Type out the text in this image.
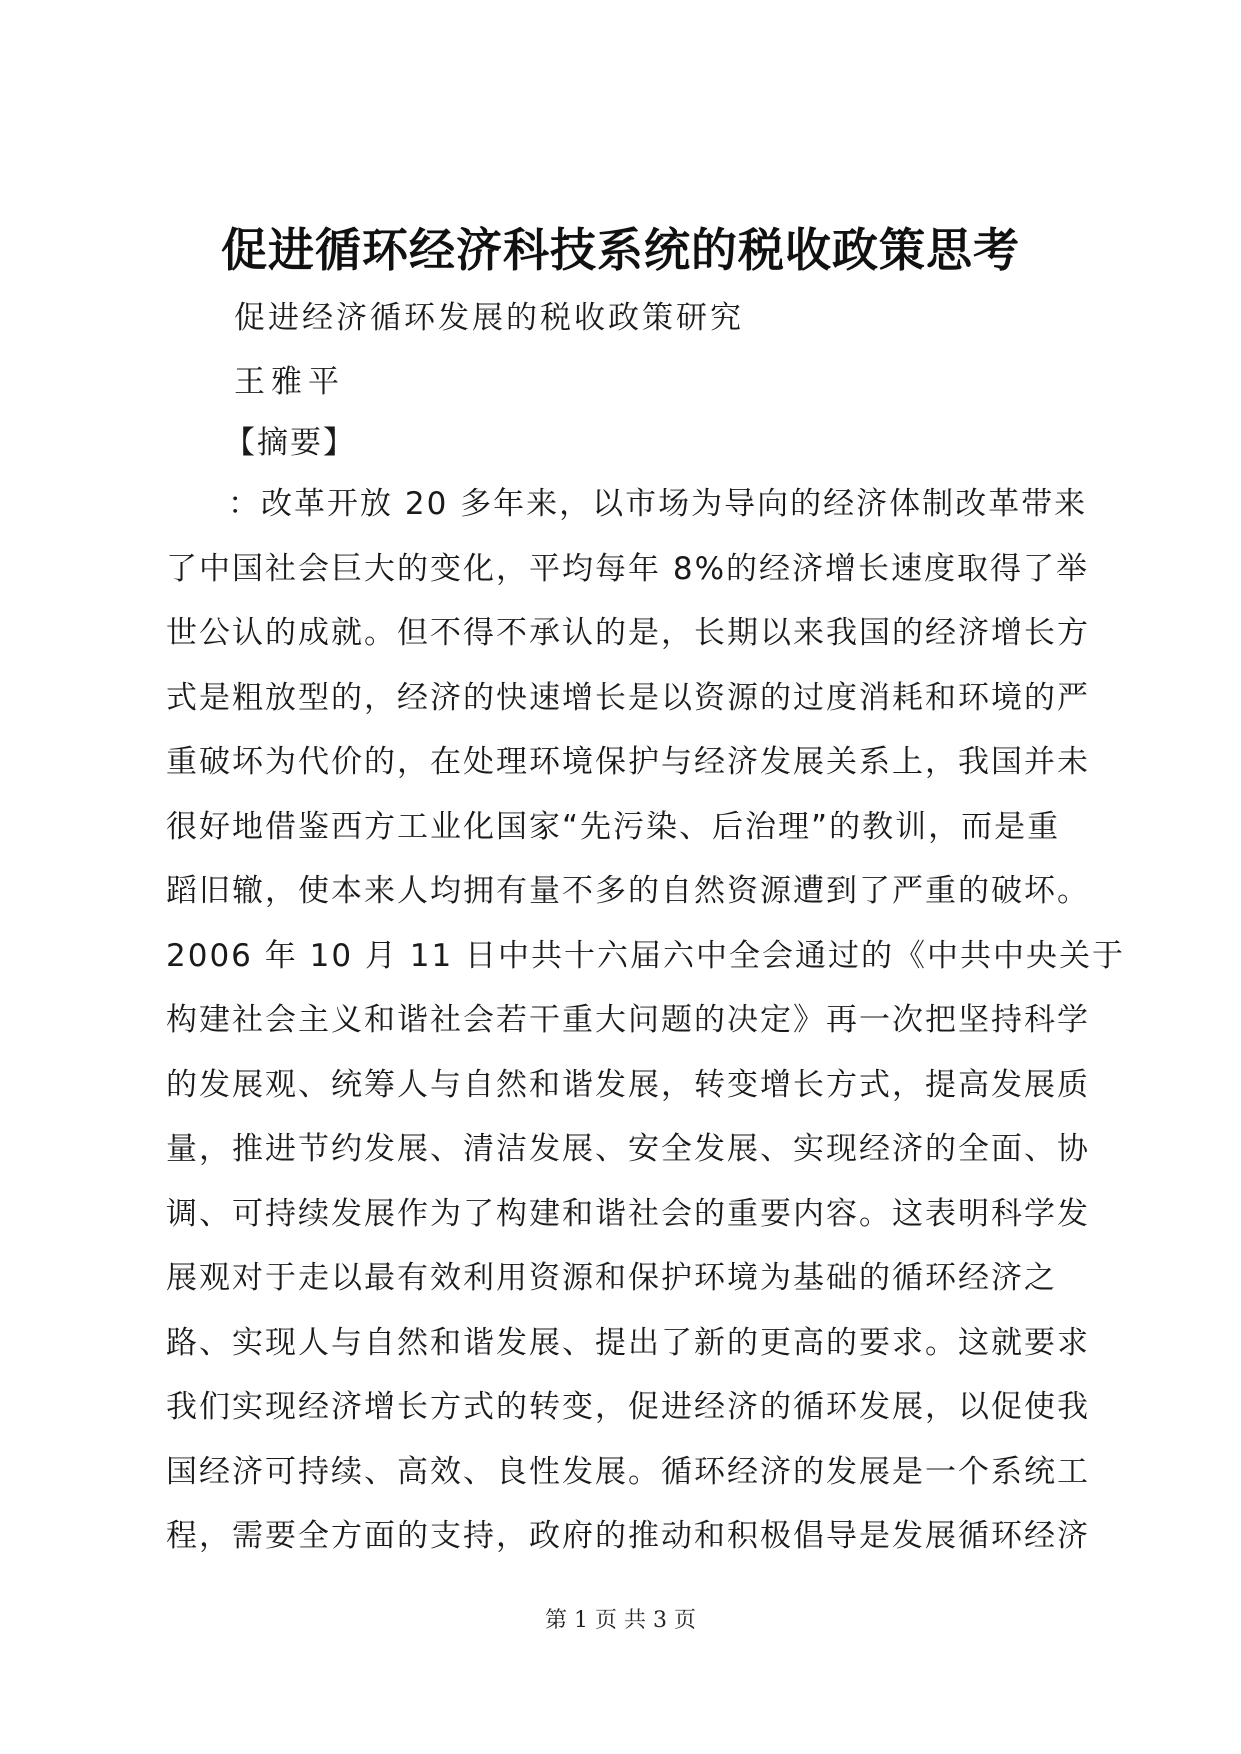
促进循环经济科技系统的税收政策思考
促进经济循环发展的税收政策研究
王雅平
【摘要】
：改革开放 20 多年来，以市场为导向的经济体制改革带来
了中国社会巨大的变化，平均每年 8%的经济增长速度取得了举
世公认的成就。但不得不承认的是，长期以来我国的经济增长方
式是粗放型的，经济的快速增长是以资源的过度消耗和环境的严
重破坏为代价的，在处理环境保护与经济发展关系上，我国并未
很好地借鉴西方工业化国家“先污染、后治理”的教训，而是重
蹈旧辙，使本来人均拥有量不多的自然资源遭到了严重的破坏。
2006 年 10 月 11 日中共十六届六中全会通过的《中共中央关于
构建社会主义和谐社会若干重大问题的决定》再一次把坚持科学
的发展观、统筹人与自然和谐发展，转变增长方式，提高发展质
量，推进节约发展、清洁发展、安全发展、实现经济的全面、协
调、可持续发展作为了构建和谐社会的重要内容。这表明科学发
展观对于走以最有效利用资源和保护环境为基础的循环经济之
路、实现人与自然和谐发展、提出了新的更高的要求。这就要求
我们实现经济增长方式的转变，促进经济的循环发展，以促使我
国经济可持续、高效、良性发展。循环经济的发展是一个系统工
程，需要全方面的支持，政府的推动和积极倡导是发展循环经济
第 1 页 共 3 页
